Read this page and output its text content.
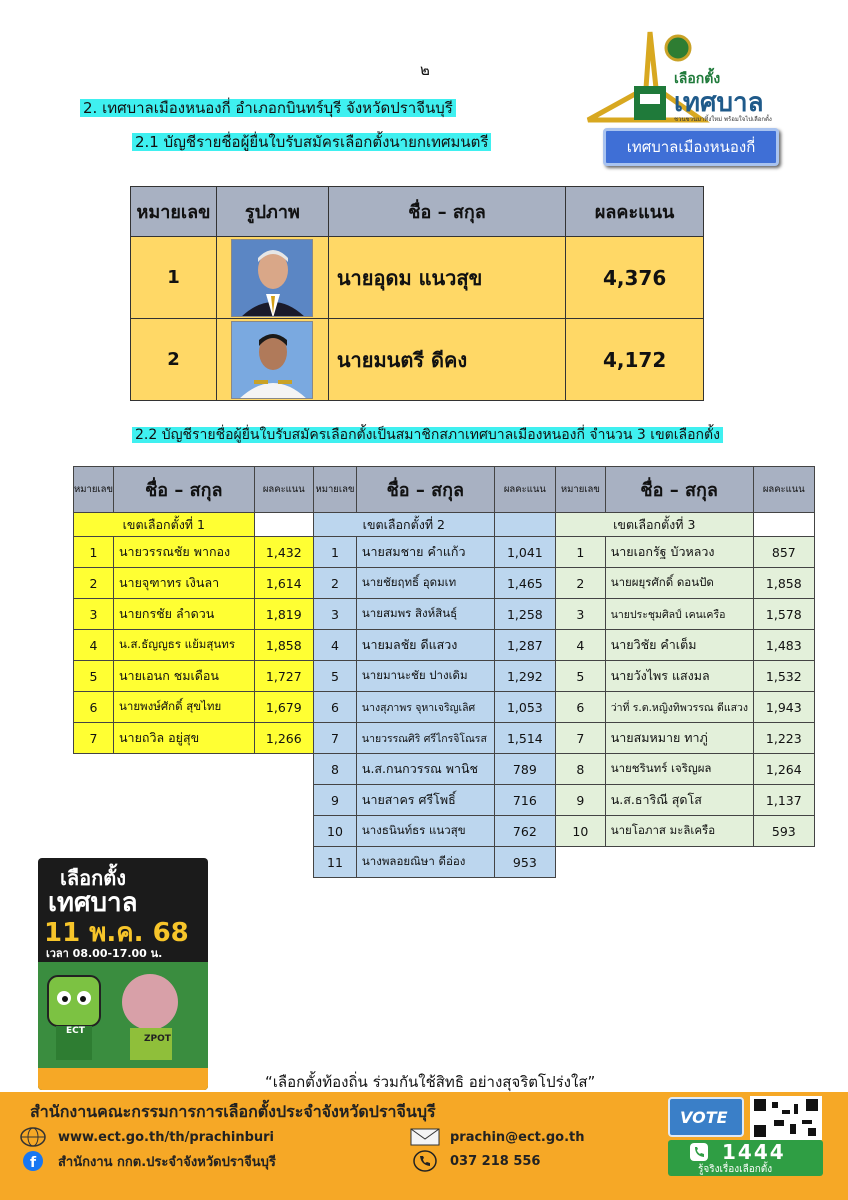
๒
2. เทศบาลเมืองหนองกี่ อำเภอกบินทร์บุรี จังหวัดปราจีนบุรี
2.1 บัญชีรายชื่อผู้ยื่นใบรับสมัครเลือกตั้งนายกเทศมนตรี
เลือกตั้ง
เทศบาล
ชวนชวนมาทิ้งใหม่ พร้อมใจไปเลือกตั้ง
เทศบาลเมืองหนองกี่
หมายเลข	รูปภาพ	ชื่อ – สกุล	ผลคะแนน
1		นายอุดม แนวสุข	4,376
2		นายมนตรี ดีคง	4,172
2.2 บัญชีรายชื่อผู้ยื่นใบรับสมัครเลือกตั้งเป็นสมาชิกสภาเทศบาลเมืองหนองกี่ จำนวน 3 เขตเลือกตั้ง
หมายเลข	ชื่อ – สกุล	ผลคะแนน
เขตเลือกตั้งที่ 1		
1	นายวรรณชัย พากอง	1,432
2	นายจุฑาทร เงินลา	1,614
3	นายกรชัย ลำดวน	1,819
4	น.ส.ธัญญธร แย้มสุนทร	1,858
5	นายเอนก ชมเดือน	1,727
6	นายพงษ์ศักดิ์ สุขไทย	1,679
7	นายถวิล อยู่สุข	1,266
หมายเลข	ชื่อ – สกุล	ผลคะแนน
เขตเลือกตั้งที่ 2		
1	นายสมชาย คำแก้ว	1,041
2	นายชัยฤทธิ์ อุดมเท	1,465
3	นายสมพร สิงห์สินธุ์	1,258
4	นายมลชัย ดีแสวง	1,287
5	นายมานะชัย ปางเดิม	1,292
6	นางสุภาพร จุหาเจริญเลิศ	1,053
7	นายวรรณศิริ ศรีไกรจิโณรส	1,514
8	น.ส.กนกวรรณ พานิช	789
9	นายสาคร ศรีโพธิ์	716
10	นางธนินท์ธร แนวสุข	762
11	นางพลอยณิษา ดีอ่อง	953
หมายเลข	ชื่อ – สกุล	ผลคะแนน
เขตเลือกตั้งที่ 3		
1	นายเอกรัฐ บัวหลวง	857
2	นายผยุรศักดิ์ ดอนปัด	1,858
3	นายประชุมศิลป์ เคนเครือ	1,578
4	นายวิชัย คำเต็ม	1,483
5	นายวังไพร แสงมล	1,532
6	ว่าที่ ร.ต.หญิงทิพวรรณ ดีแสวง	1,943
7	นายสมหมาย ทาภู่	1,223
8	นายชรินทร์ เจริญผล	1,264
9	น.ส.ธาริณี สุดโส	1,137
10	นายโอภาส มะลิเครือ	593
เลือกตั้ง
เทศบาล
11 พ.ค. 68
เวลา 08.00-17.00 น.
ECT
ZPOT
“เลือกตั้งท้องถิ่น ร่วมกันใช้สิทธิ อย่างสุจริตโปร่งใส”
สำนักงานคณะกรรมการการเลือกตั้งประจำจังหวัดปราจีนบุรี
www.ect.go.th/th/prachinburi
f สำนักงาน กกต.ประจำจังหวัดปราจีนบุรี
prachin@ect.go.th
037 218 556
VOTE
1444
รู้จริงเรื่องเลือกตั้ง
